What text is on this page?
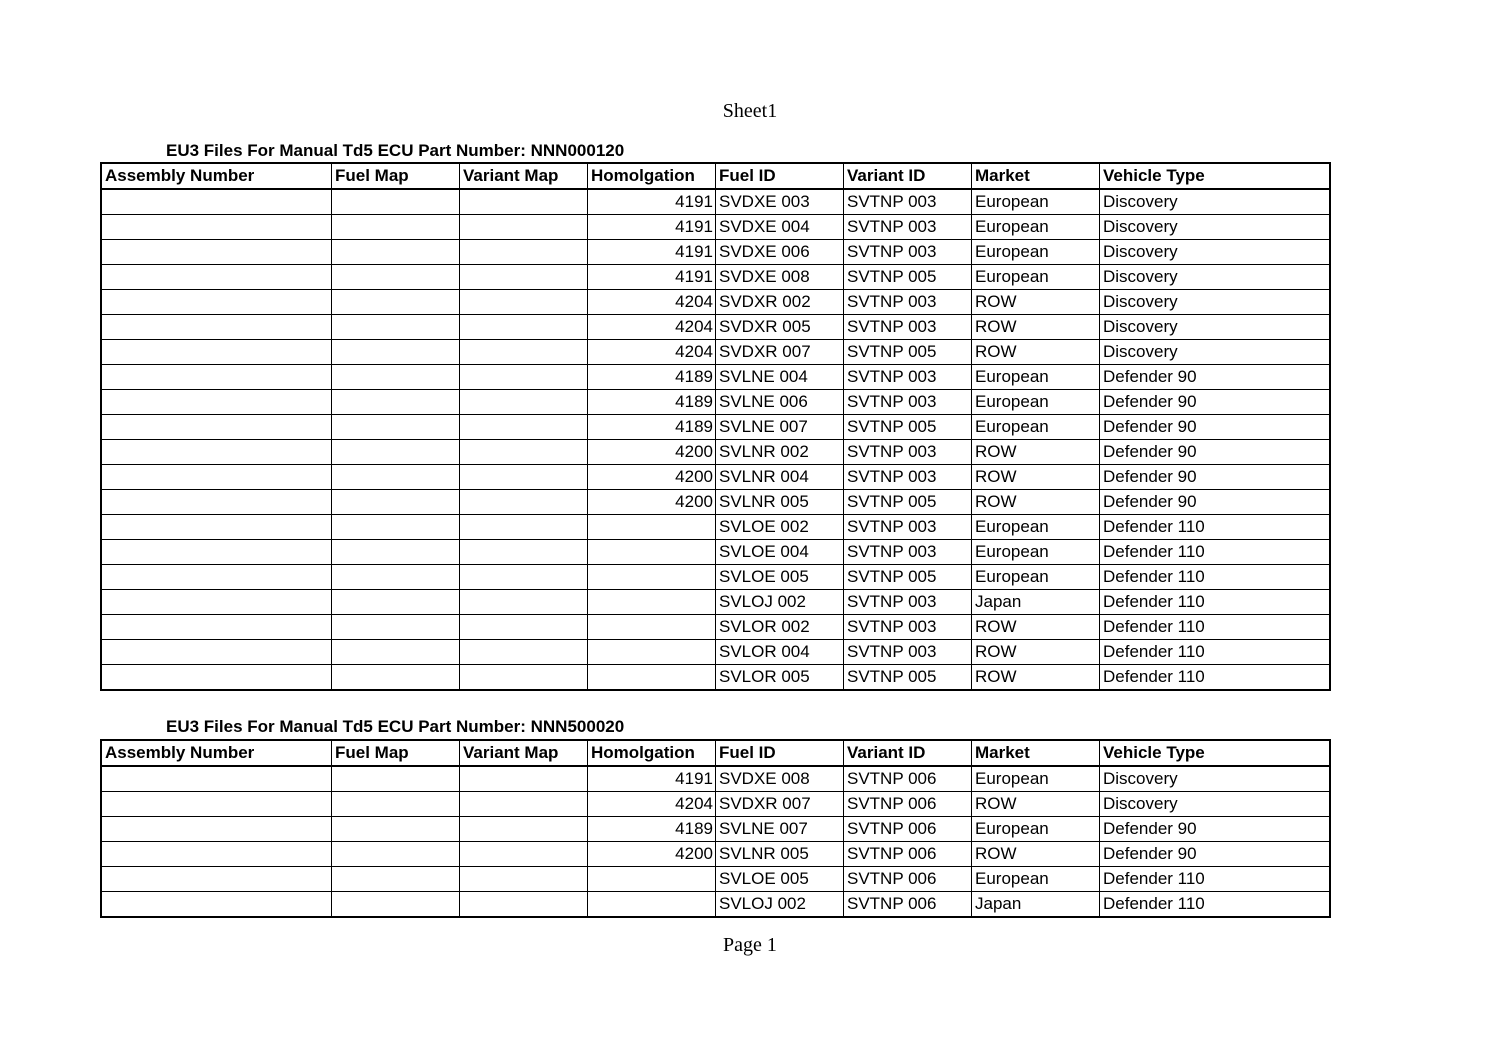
Sheet1
EU3 Files For Manual Td5 ECU Part Number: NNN000120
Assembly Number	Fuel Map	Variant Map	Homolgation	Fuel ID	Variant ID	Market	Vehicle Type
			4191	SVDXE 003	SVTNP 003	European	Discovery
			4191	SVDXE 004	SVTNP 003	European	Discovery
			4191	SVDXE 006	SVTNP 003	European	Discovery
			4191	SVDXE 008	SVTNP 005	European	Discovery
			4204	SVDXR 002	SVTNP 003	ROW	Discovery
			4204	SVDXR 005	SVTNP 003	ROW	Discovery
			4204	SVDXR 007	SVTNP 005	ROW	Discovery
			4189	SVLNE 004	SVTNP 003	European	Defender 90
			4189	SVLNE 006	SVTNP 003	European	Defender 90
			4189	SVLNE 007	SVTNP 005	European	Defender 90
			4200	SVLNR 002	SVTNP 003	ROW	Defender 90
			4200	SVLNR 004	SVTNP 003	ROW	Defender 90
			4200	SVLNR 005	SVTNP 005	ROW	Defender 90
				SVLOE 002	SVTNP 003	European	Defender 110
				SVLOE 004	SVTNP 003	European	Defender 110
				SVLOE 005	SVTNP 005	European	Defender 110
				SVLOJ 002	SVTNP 003	Japan	Defender 110
				SVLOR 002	SVTNP 003	ROW	Defender 110
				SVLOR 004	SVTNP 003	ROW	Defender 110
				SVLOR 005	SVTNP 005	ROW	Defender 110
EU3 Files For Manual Td5 ECU Part Number: NNN500020
Assembly Number	Fuel Map	Variant Map	Homolgation	Fuel ID	Variant ID	Market	Vehicle Type
			4191	SVDXE 008	SVTNP 006	European	Discovery
			4204	SVDXR 007	SVTNP 006	ROW	Discovery
			4189	SVLNE 007	SVTNP 006	European	Defender 90
			4200	SVLNR 005	SVTNP 006	ROW	Defender 90
				SVLOE 005	SVTNP 006	European	Defender 110
				SVLOJ 002	SVTNP 006	Japan	Defender 110
Page 1
